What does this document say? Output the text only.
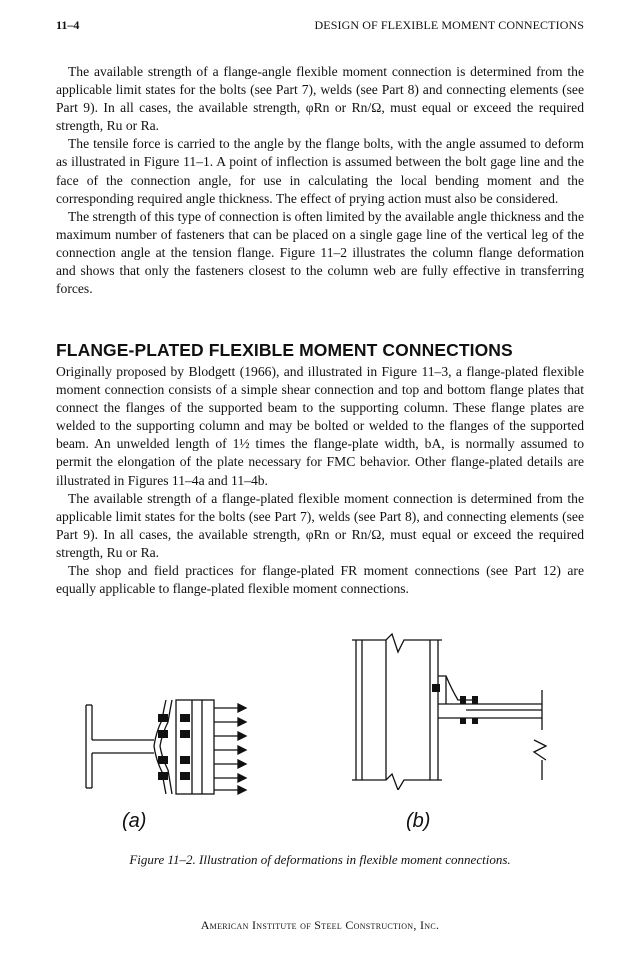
11–4	DESIGN OF FLEXIBLE MOMENT CONNECTIONS

The available strength of a flange-angle flexible moment connection is determined from the applicable limit states for the bolts (see Part 7), welds (see Part 8) and connecting elements (see Part 9). In all cases, the available strength, φRn or Rn/Ω, must equal or exceed the required strength, Ru or Ra.

The tensile force is carried to the angle by the flange bolts, with the angle assumed to deform as illustrated in Figure 11–1. A point of inflection is assumed between the bolt gage line and the face of the connection angle, for use in calculating the local bending moment and the corresponding required angle thickness. The effect of prying action must also be considered.

The strength of this type of connection is often limited by the available angle thickness and the maximum number of fasteners that can be placed on a single gage line of the vertical leg of the connection angle at the tension flange. Figure 11–2 illustrates the column flange deformation and shows that only the fasteners closest to the column web are fully effective in transferring forces.

FLANGE-PLATED FLEXIBLE MOMENT CONNECTIONS

Originally proposed by Blodgett (1966), and illustrated in Figure 11–3, a flange-plated flexible moment connection consists of a simple shear connection and top and bottom flange plates that connect the flanges of the supported beam to the supporting column. These flange plates are welded to the supporting column and may be bolted or welded to the flanges of the supported beam. An unwelded length of 1½ times the flange-plate width, bA, is normally assumed to permit the elongation of the plate necessary for FMC behavior. Other flange-plated details are illustrated in Figures 11–4a and 11–4b.

The available strength of a flange-plated flexible moment connection is determined from the applicable limit states for the bolts (see Part 7), welds (see Part 8), and connecting elements (see Part 9). In all cases, the available strength, φRn or Rn/Ω, must equal or exceed the required strength, Ru or Ra.

The shop and field practices for flange-plated FR moment connections (see Part 12) are equally applicable to flange-plated flexible moment connections.

(a)	(b)
Figure 11–2. Illustration of deformations in flexible moment connections.
American Institute of Steel Construction, Inc.
